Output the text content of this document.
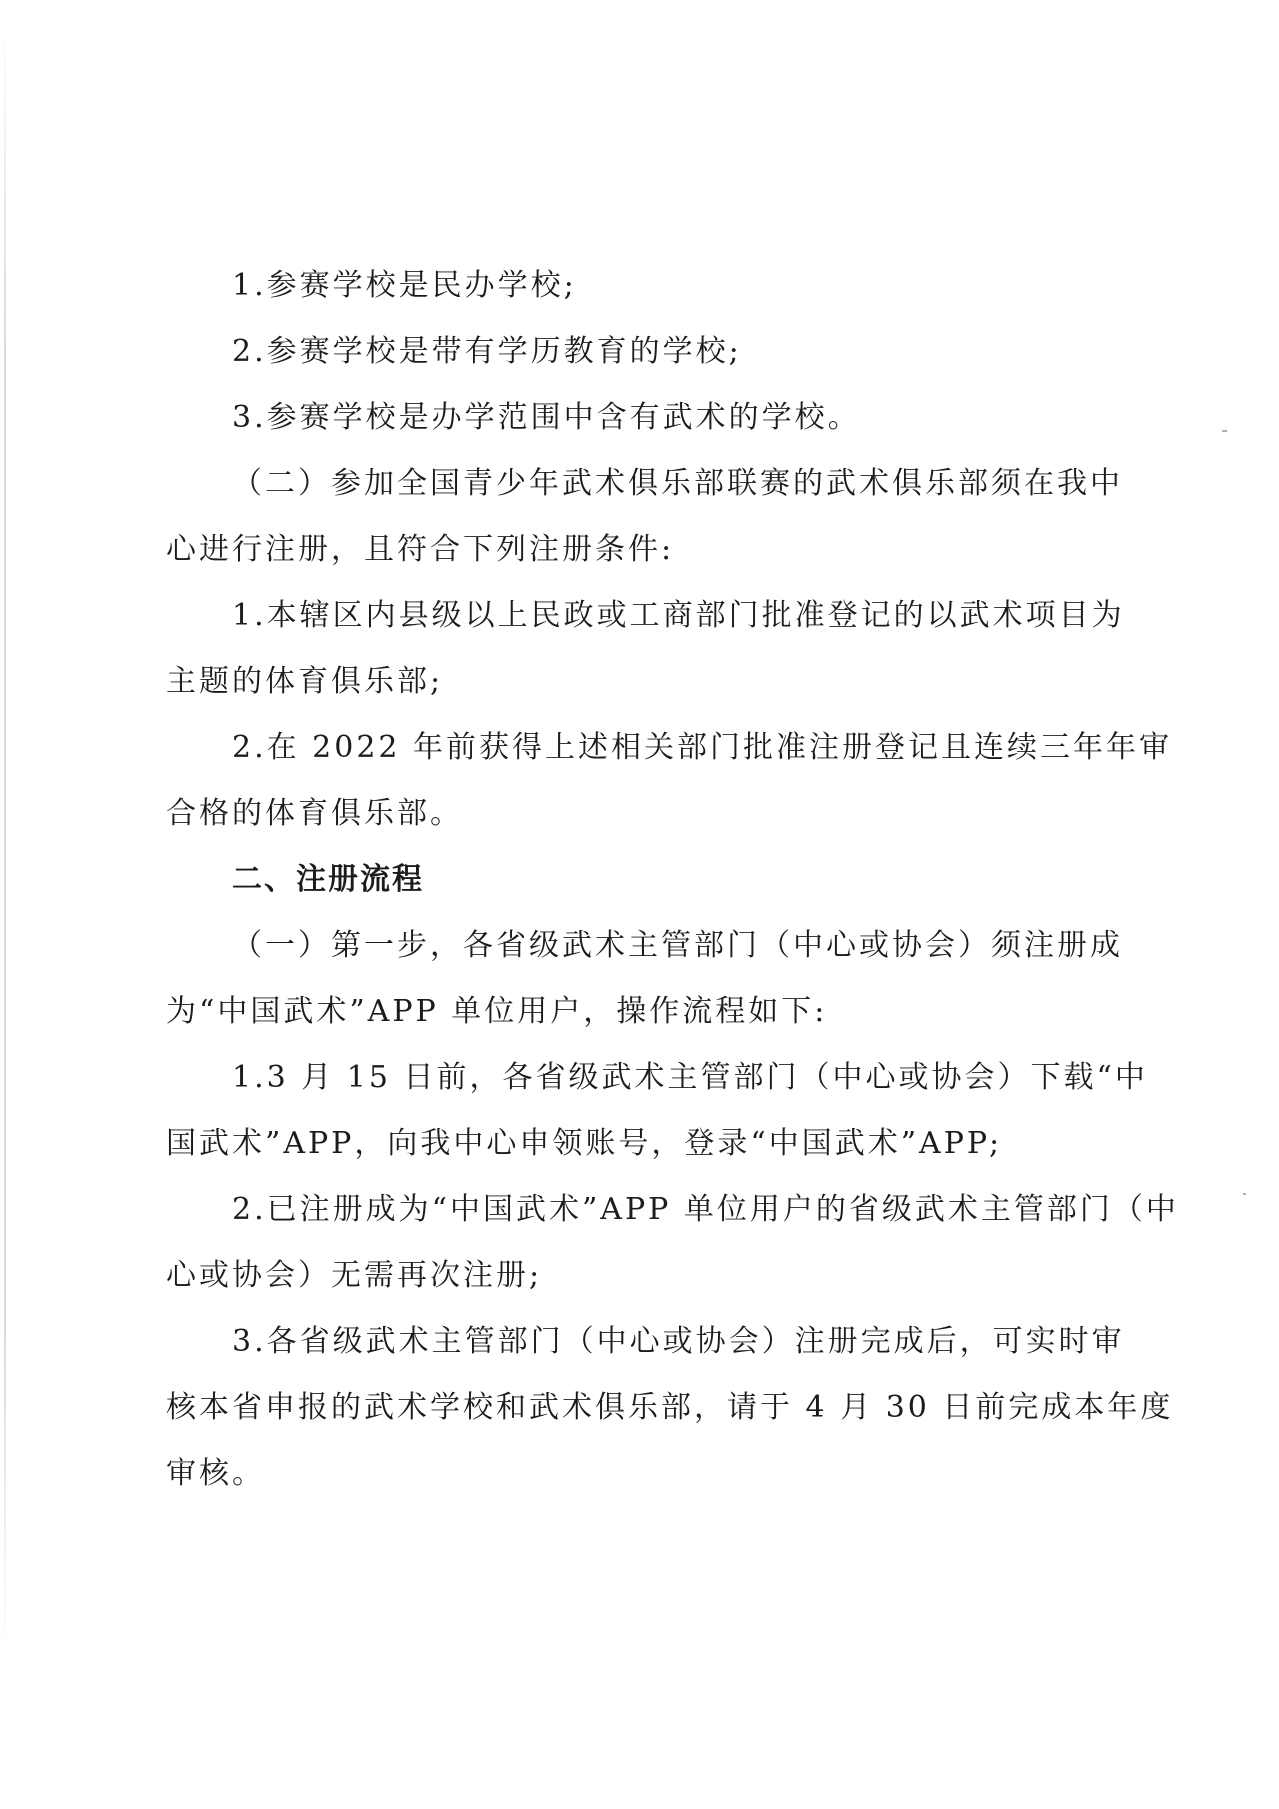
1.参赛学校是民办学校;
2.参赛学校是带有学历教育的学校;
3.参赛学校是办学范围中含有武术的学校。
（二）参加全国青少年武术俱乐部联赛的武术俱乐部须在我中
心进行注册，且符合下列注册条件:
1.本辖区内县级以上民政或工商部门批准登记的以武术项目为
主题的体育俱乐部;
2.在 2022 年前获得上述相关部门批准注册登记且连续三年年审
合格的体育俱乐部。
二、注册流程
（一）第一步，各省级武术主管部门（中心或协会）须注册成
为“中国武术”APP 单位用户，操作流程如下:
1.3 月 15 日前，各省级武术主管部门（中心或协会）下载“中
国武术”APP，向我中心申领账号，登录“中国武术”APP;
2.已注册成为“中国武术”APP 单位用户的省级武术主管部门（中
心或协会）无需再次注册;
3.各省级武术主管部门（中心或协会）注册完成后，可实时审
核本省申报的武术学校和武术俱乐部，请于 4 月 30 日前完成本年度
审核。
